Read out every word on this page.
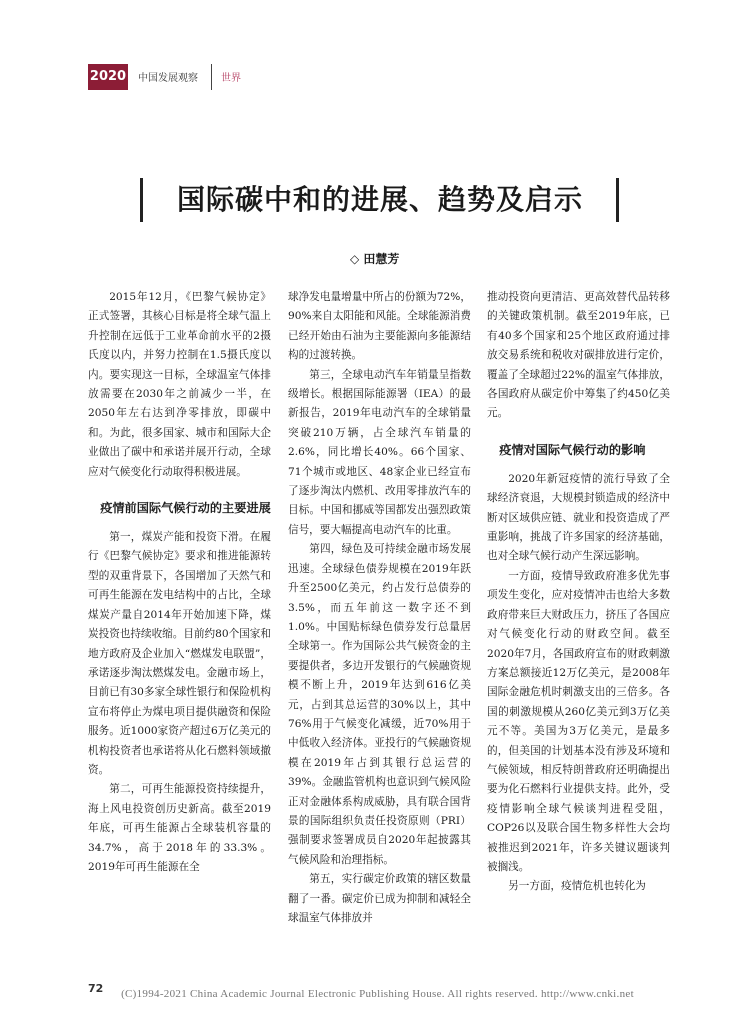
2020 中国发展观察 世界
国际碳中和的进展、趋势及启示
◇ 田慧芳

2015年12月，《巴黎气候协定》正式签署，其核心目标是将全球气温上升控制在远低于工业革命前水平的2摄氏度以内，并努力控制在1.5摄氏度以内。要实现这一目标，全球温室气体排放需要在2030年之前减少一半，在2050年左右达到净零排放，即碳中和。为此，很多国家、城市和国际大企业做出了碳中和承诺并展开行动，全球应对气候变化行动取得积极进展。

疫情前国际气候行动的主要进展

第一，煤炭产能和投资下滑。在履行《巴黎气候协定》要求和推进能源转型的双重背景下，各国增加了天然气和可再生能源在发电结构中的占比，全球煤炭产量自2014年开始加速下降，煤炭投资也持续收缩。目前约80个国家和地方政府及企业加入“燃煤发电联盟”，承诺逐步淘汰燃煤发电。金融市场上，目前已有30多家全球性银行和保险机构宣布将停止为煤电项目提供融资和保险服务。近1000家资产超过6万亿美元的机构投资者也承诺将从化石燃料领域撤资。

第二，可再生能源投资持续提升，海上风电投资创历史新高。截至2019年底，可再生能源占全球装机容量的34.7%，高于2018年的33.3%。2019年可再生能源在全

球净发电量增量中所占的份额为72%，90%来自太阳能和风能。全球能源消费已经开始由石油为主要能源向多能源结构的过渡转换。

第三，全球电动汽车年销量呈指数级增长。根据国际能源署（IEA）的最新报告，2019年电动汽车的全球销量突破210万辆，占全球汽车销量的2.6%，同比增长40%。66个国家、71个城市或地区、48家企业已经宣布了逐步淘汰内燃机、改用零排放汽车的目标。中国和挪威等国都发出强烈政策信号，要大幅提高电动汽车的比重。

第四，绿色及可持续金融市场发展迅速。全球绿色债券规模在2019年跃升至2500亿美元，约占发行总债券的3.5%，而五年前这一数字还不到1.0%。中国贴标绿色债券发行总量居全球第一。作为国际公共气候资金的主要提供者，多边开发银行的气候融资规模不断上升，2019年达到616亿美元，占到其总运营的30%以上，其中76%用于气候变化减缓，近70%用于中低收入经济体。亚投行的气候融资规模在2019年占到其银行总运营的39%。金融监管机构也意识到气候风险正对金融体系构成威胁，具有联合国背景的国际组织负责任投资原则（PRI）强制要求签署成员自2020年起披露其气候风险和治理指标。

第五，实行碳定价政策的辖区数量翻了一番。碳定价已成为抑制和减轻全球温室气体排放并

推动投资向更清洁、更高效替代品转移的关键政策机制。截至2019年底，已有40多个国家和25个地区政府通过排放交易系统和税收对碳排放进行定价，覆盖了全球超过22%的温室气体排放，各国政府从碳定价中筹集了约450亿美元。

疫情对国际气候行动的影响

2020年新冠疫情的流行导致了全球经济衰退，大规模封锁造成的经济中断对区域供应链、就业和投资造成了严重影响，挑战了许多国家的经济基础，也对全球气候行动产生深远影响。

一方面，疫情导致政府准多优先事项发生变化，应对疫情冲击也给大多数政府带来巨大财政压力，挤压了各国应对气候变化行动的财政空间。截至2020年7月，各国政府宣布的财政刺激方案总额接近12万亿美元，是2008年国际金融危机时刺激支出的三倍多。各国的刺激规模从260亿美元到3万亿美元不等。美国为3万亿美元，是最多的，但美国的计划基本没有涉及环境和气候领域，相反特朗普政府还明确提出要为化石燃料行业提供支持。此外，受疫情影响全球气候谈判进程受阻，COP26以及联合国生物多样性大会均被推迟到2021年，许多关键议题谈判被搁浅。

另一方面，疫情危机也转化为

72	(C)1994-2021 China Academic Journal Electronic Publishing House. All rights reserved. http://www.cnki.net
